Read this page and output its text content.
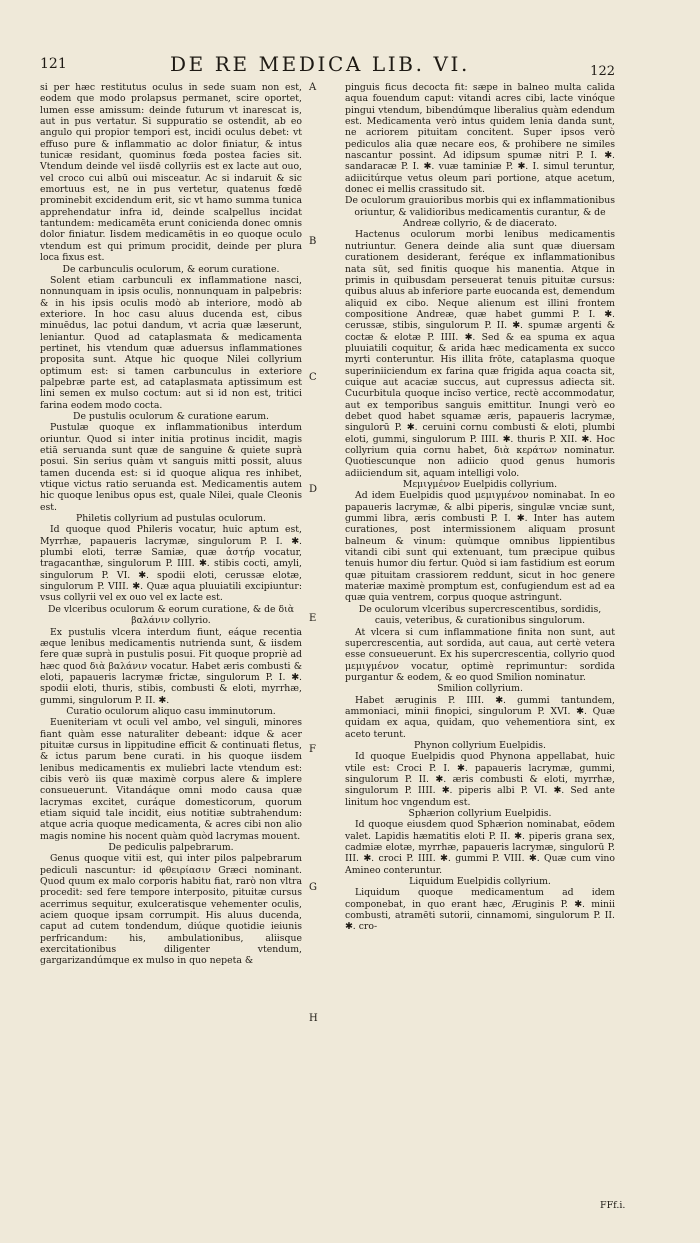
121	DE RE MEDICA LIB. VI.	122

si per hæc restitutus oculus in sede suam non est, eodem que modo prolapsus permanet, scire oportet, lumen esse amissum: deinde futurum vt inarescat is, aut in pus vertatur. Si suppuratio se ostendit, ab eo angulo qui propior tempori est, incidi oculus debet: vt effuso pure & inflammatio ac dolor finiatur, & intus tunicæ residant, quominus fœda postea facies sit. Vtendum deinde vel iisdē collyriis est ex lacte aut ouo, vel croco cui albū oui misceatur. Ac si indaruit & sic emortuus est, ne in pus vertetur, quatenus fœdē prominebit excidendum erit, sic vt hamo summa tunica apprehendatur infra id, deinde scalpellus incidat tantundem: medicamēta erunt conicienda donec omnis dolor finiatur. Iisdem medicamētis in eo quoque oculo vtendum est qui primum procidit, deinde per plura loca fixus est.

De carbunculis oculorum, & eorum curatione.

Solent etiam carbunculi ex inflammatione nasci, nonnunquam in ipsis oculis, nonnunquam in palpebris: & in his ipsis oculis modò ab interiore, modò ab exteriore. In hoc casu aluus ducenda est, cibus minuēdus, lac potui dandum, vt acria quæ læserunt, leniantur. Quod ad cataplasmata & medicamenta pertinet, his vtendum quæ aduersus inflammationes proposita sunt. Atque hic quoque Nilei collyrium optimum est: si tamen carbunculus in exteriore palpebræ parte est, ad cataplasmata aptissimum est lini semen ex mulso coctum: aut si id non est, tritici farina eodem modo cocta.

De pustulis oculorum & curatione earum.

Pustulæ quoque ex inflammationibus interdum oriuntur. Quod si inter initia protinus incidit, magis etiā seruanda sunt quæ de sanguine & quiete suprà posui. Sin serius quàm vt sanguis mitti possit, aluus tamen ducenda est: si id quoque aliqua res inhibet, vtique victus ratio seruanda est. Medicamentis autem hic quoque lenibus opus est, quale Nilei, quale Cleonis est.

Philetis collyrium ad pustulas oculorum.

Id quoque quod Phileris vocatur, huic aptum est, Myrrhæ, papaueris lacrymæ, singulorum P. I. ✱. plumbi eloti, terræ Samiæ, quæ ἀστήρ vocatur, tragacanthæ, singulorum P. IIII. ✱. stibis cocti, amyli, singulorum P. VI. ✱. spodii eloti, cerussæ elotæ, singulorum P. VIII. ✱. Quæ aqua pluuiatili excipiuntur: vsus collyrii vel ex ouo vel ex lacte est.

De vlceribus oculorum & eorum curatione, & de διὰ βαλάνιν collyrio.

Ex pustulis vlcera interdum fiunt, eáque recentia æque lenibus medicamentis nutrienda sunt, & iisdem fere quæ suprà in pustulis posui. Fit quoque propriè ad hæc quod διὰ βαλάνιν vocatur. Habet æris combusti & eloti, papaueris lacrymæ frictæ, singulorum P. I. ✱. spodii eloti, thuris, stibis, combusti & eloti, myrrhæ, gummi, singulorum P. II. ✱.

Curatio oculorum aliquo casu imminutorum.

Eueniteriam vt oculi vel ambo, vel singuli, minores fiant quàm esse naturaliter debeant: idque & acer pituitæ cursus in lippitudine efficit & continuati fletus, & ictus parum bene curati. in his quoque iisdem lenibus medicamentis ex muliebri lacte vtendum est: cibis verò iis quæ maximè corpus alere & implere consueuerunt. Vitandáque omni modo causa quæ lacrymas excitet, curáque domesticorum, quorum etiam siquid tale incidit, eius notitiæ subtrahendum: atque acria quoque medicamenta, & acres cibi non alio magis nomine his nocent quàm quòd lacrymas mouent.

De pediculis palpebrarum.

Genus quoque vitii est, qui inter pilos palpebrarum pediculi nascuntur: id φθειρίασιν Græci nominant. Quod quum ex malo corporis habitu fiat, rarò non vltra procedit: sed fere tempore interposito, pituitæ cursus acerrimus sequitur, exulceratisque vehementer oculis, aciem quoque ipsam corrumpit. His aluus ducenda, caput ad cutem tondendum, diúque quotidie ieiunis perfricandum: his, ambulationibus, aliisque exercitationibus diligenter vtendum, gargarizandúmque ex mulso in quo nepeta &

pinguis ficus decocta fit: sæpe in balneo multa calida aqua fouendum caput: vitandi acres cibi, lacte vinóque pingui vtendum, bibendúmque liberalius quàm edendum est. Medicamenta verò intus quidem lenia danda sunt, ne acriorem pituitam concitent. Super ipsos verò pediculos alia quæ necare eos, & prohibere ne similes nascantur possint. Ad idipsum spumæ nitri P. I. ✱. sandaracæ P. I. ✱. vuæ taminiæ P. ✱. I. simul teruntur, adiicitúrque vetus oleum pari portione, atque acetum, donec ei mellis crassitudo sit.

De oculorum grauioribus morbis qui ex inflammationibus oriuntur, & validioribus medicamentis curantur, & de Andreæ collyrio, & de diacerato.

Hactenus oculorum morbi lenibus medicamentis nutriuntur. Genera deinde alia sunt quæ diuersam curationem desiderant, feréque ex inflammationibus nata sūt, sed finitis quoque his manentia. Atque in primis in quibusdam perseuerat tenuis pituitæ cursus: quibus aluus ab inferiore parte euocanda est, demendum aliquid ex cibo. Neque alienum est illini frontem compositione Andreæ, quæ habet gummi P. I. ✱. cerussæ, stibis, singulorum P. II. ✱. spumæ argenti & coctæ & elotæ P. IIII. ✱. Sed & ea spuma ex aqua pluuiatili coquitur, & arida hæc medicamenta ex succo myrti conteruntur. His illita frōte, cataplasma quoque superiniiciendum ex farina quæ frigida aqua coacta sit, cuique aut acaciæ succus, aut cupressus adiecta sit. Cucurbitula quoque incīso vertice, rectè accommodatur, aut ex temporibus sanguis emittitur. Inungi verò eo debet quod habet squamæ æris, papaueris lacrymæ, singulorū P. ✱. ceruini cornu combusti & eloti, plumbi eloti, gummi, singulorum P. IIII. ✱. thuris P. XII. ✱. Hoc collyrium quia cornu habet, διὰ κεράτων nominatur. Quotiescunque non adiicio quod genus humoris adiiciendum sit, aquam intelligi volo.

Μεμιγμένον Euelpidis collyrium.

Ad idem Euelpidis quod μεμιγμένον nominabat. In eo papaueris lacrymæ, & albi piperis, singulæ vnciæ sunt, gummi libra, æris combusti P. I. ✱. Inter has autem curationes, post intermissionem aliquam prosunt balneum & vinum: quùmque omnibus lippientibus vitandi cibi sunt qui extenuant, tum præcipue quibus tenuis humor diu fertur. Quòd si iam fastidium est eorum quæ pituitam crassiorem reddunt, sicut in hoc genere materiæ maximè promptum est, confugiendum est ad ea quæ quia ventrem, corpus quoque astringunt.

De oculorum vlceribus supercrescentibus, sordidis, cauis, veteribus, & curationibus singulorum.

At vlcera si cum inflammatione finita non sunt, aut supercrescentia, aut sordida, aut caua, aut certè vetera esse consueuerunt. Ex his supercrescentia, collyrio quod μεμιγμένον vocatur, optimè reprimuntur: sordida purgantur & eodem, & eo quod Smilion nominatur.

Smilion collyrium.

Habet æruginis P. IIII. ✱. gummi tantundem, ammoniaci, minii finopici, singulorum P. XVI. ✱. Quæ quidam ex aqua, quidam, quo vehementiora sint, ex aceto terunt.

Phynon collyrium Euelpidis.

Id quoque Euelpidis quod Phynona appellabat, huic vtile est: Croci P. I. ✱. papaueris lacrymæ, gummi, singulorum P. II. ✱. æris combusti & eloti, myrrhæ, singulorum P. IIII. ✱. piperis albi P. VI. ✱. Sed ante linitum hoc vngendum est.

Sphærion collyrium Euelpidis.

Id quoque eiusdem quod Sphærion nominabat, eōdem valet. Lapidis hæmatitis eloti P. II. ✱. piperis grana sex, cadmiæ elotæ, myrrhæ, papaueris lacrymæ, singulorū P. III. ✱. croci P. IIII. ✱. gummi P. VIII. ✱. Quæ cum vino Amineo conteruntur.

Liquidum Euelpidis collyrium.

Liquidum quoque medicamentum ad idem componebat, in quo erant hæc, Æruginis P. ✱. minii combusti, atramēti sutorii, cinnamomi, singulorum P. II. ✱. cro-

A
B
C
D
E
F
G
H
FFf.i.
